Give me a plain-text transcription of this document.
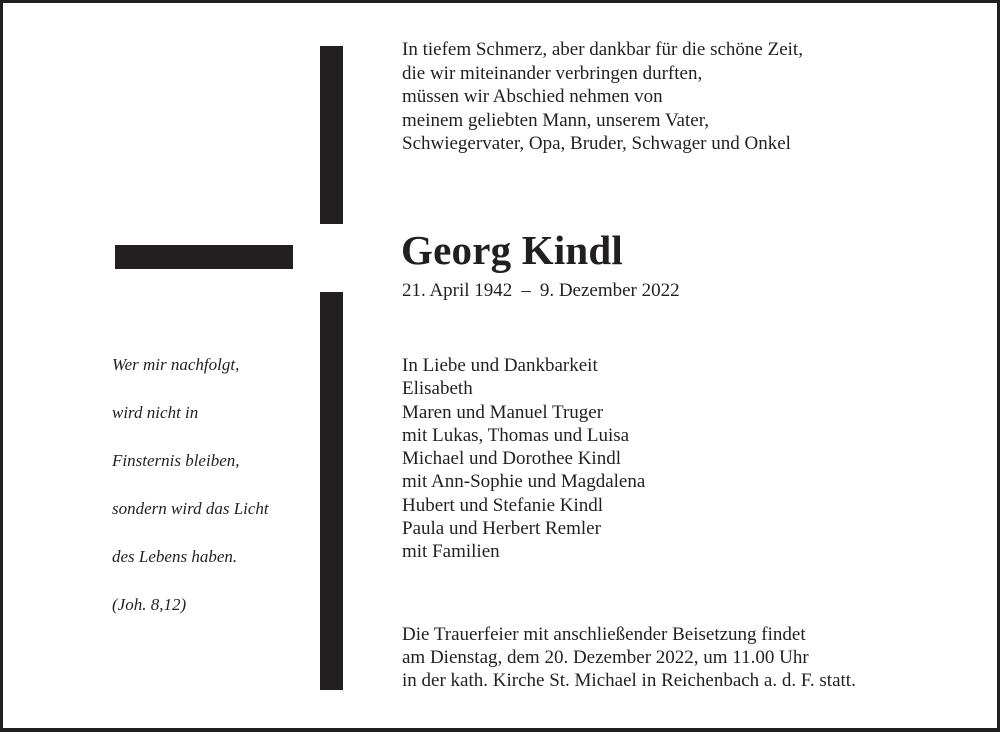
In tiefem Schmerz, aber dankbar für die schöne Zeit,
die wir miteinander verbringen durften,
müssen wir Abschied nehmen von
meinem geliebten Mann, unserem Vater,
Schwiegervater, Opa, Bruder, Schwager und Onkel
Georg Kindl
21. April 1942 – 9. Dezember 2022
In Liebe und Dankbarkeit
Elisabeth
Maren und Manuel Truger
mit Lukas, Thomas und Luisa
Michael und Dorothee Kindl
mit Ann-Sophie und Magdalena
Hubert und Stefanie Kindl
Paula und Herbert Remler
mit Familien
Die Trauerfeier mit anschließender Beisetzung findet
am Dienstag, dem 20. Dezember 2022, um 11.00 Uhr
in der kath. Kirche St. Michael in Reichenbach a. d. F. statt.
Wer mir nachfolgt,
wird nicht in
Finsternis bleiben,
sondern wird das Licht
des Lebens haben.
(Joh. 8,12)
